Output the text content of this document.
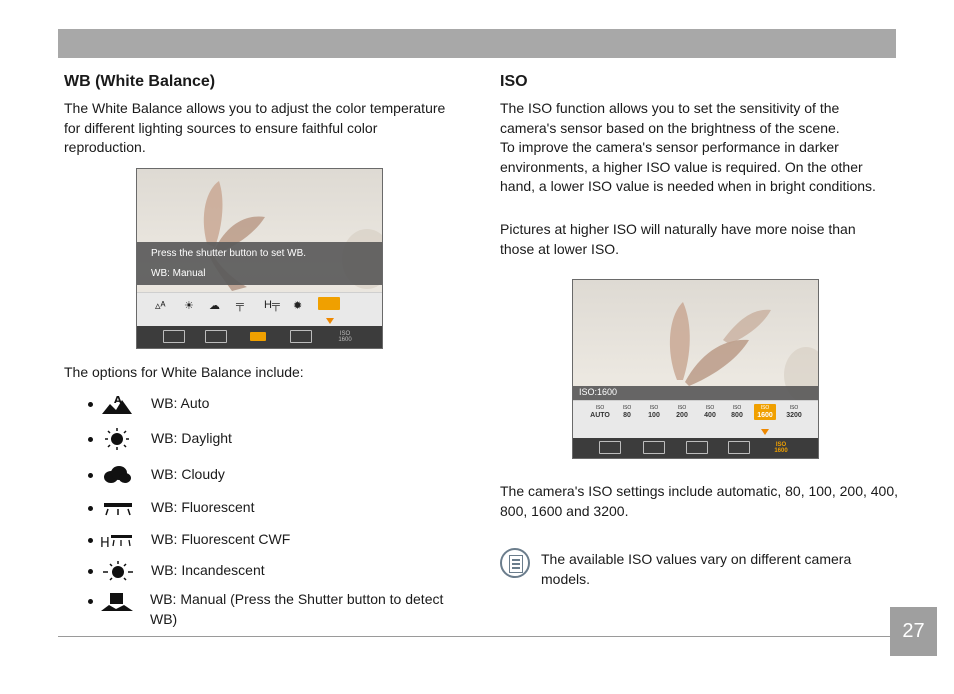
WB (White Balance)
The White Balance allows you to adjust the color temperature
for different lighting sources to ensure faithful color
reproduction.
Press the shutter button to set WB.
WB: Manual
▵ᴬ ☀ ☁ ╤ H╤ ✹
ISO 1600
The options for White Balance include:
A WB: Auto
WB: Daylight
WB: Cloudy
WB: Fluorescent
H	WB: Fluorescent CWF
WB: Incandescent
WB: Manual (Press the Shutter button to detect
WB)
ISO
The ISO function allows you to set the sensitivity of the
camera's sensor based on the brightness of the scene.
To improve the camera's sensor performance in darker
environments, a higher ISO value is required. On the other
hand, a lower ISO value is needed when in bright conditions.
Pictures at higher ISO will naturally have more noise than
those at lower ISO.
ISO:1600
ISO
AUTO
ISO
80
ISO
100
ISO
200
ISO
400
ISO
800
ISO
1600
ISO
3200
ISO 1600
The camera's ISO settings include automatic, 80, 100, 200, 400,
800, 1600 and 3200.
The available ISO values vary on different camera
models.
27
